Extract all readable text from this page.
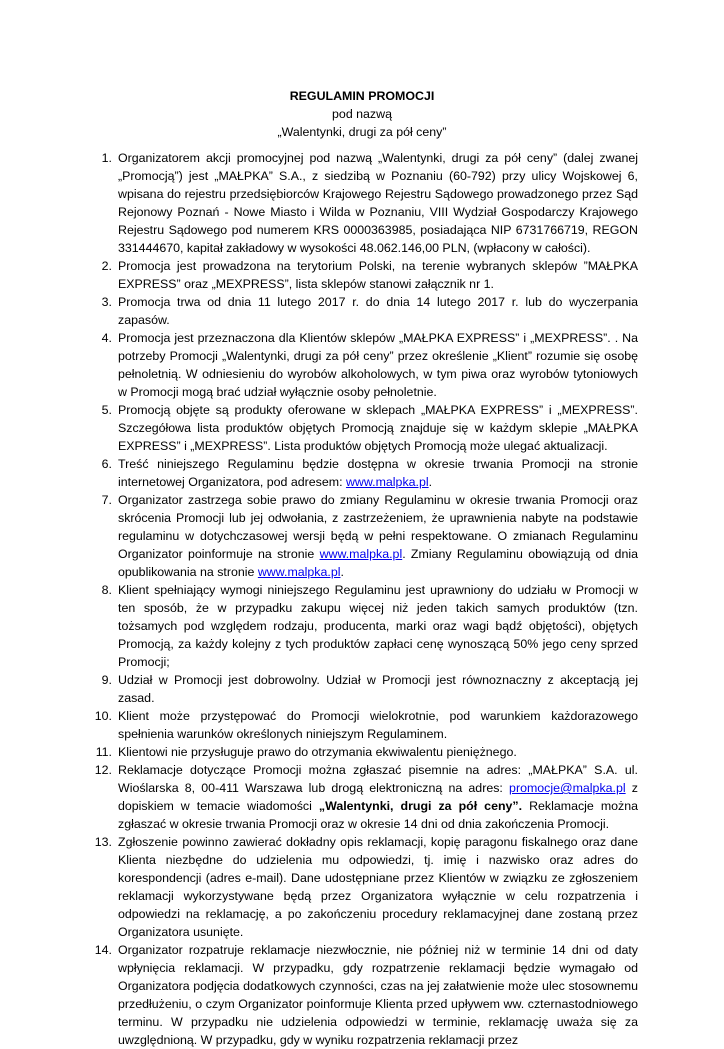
REGULAMIN PROMOCJI
pod nazwą
„Walentynki, drugi za pół ceny”
1. Organizatorem akcji promocyjnej pod nazwą „Walentynki, drugi za pół ceny” (dalej zwanej „Promocją”) jest „MAŁPKA” S.A., z siedzibą w Poznaniu (60-792) przy ulicy Wojskowej 6, wpisana do rejestru przedsiębiorców Krajowego Rejestru Sądowego prowadzonego przez Sąd Rejonowy Poznań - Nowe Miasto i Wilda w Poznaniu, VIII Wydział Gospodarczy Krajowego Rejestru Sądowego pod numerem KRS 0000363985, posiadająca NIP 6731766719, REGON 331444670, kapitał zakładowy w wysokości 48.062.146,00 PLN, (wpłacony w całości).
2. Promocja jest prowadzona na terytorium Polski, na terenie wybranych sklepów ”MAŁPKA EXPRESS” oraz „MEXPRESS”, lista sklepów stanowi załącznik nr 1.
3. Promocja trwa od dnia 11 lutego 2017 r. do dnia 14 lutego 2017 r. lub do wyczerpania zapasów.
4. Promocja jest przeznaczona dla Klientów sklepów „MAŁPKA EXPRESS” i „MEXPRESS”. . Na potrzeby Promocji „Walentynki, drugi za pół ceny” przez określenie „Klient” rozumie się osobę pełnoletnią. W odniesieniu do wyrobów alkoholowych, w tym piwa oraz wyrobów tytoniowych w Promocji mogą brać udział wyłącznie osoby pełnoletnie.
5. Promocją objęte są produkty oferowane w sklepach „MAŁPKA EXPRESS” i „MEXPRESS”. Szczegółowa lista produktów objętych Promocją znajduje się w każdym sklepie „MAŁPKA EXPRESS” i „MEXPRESS”. Lista produktów objętych Promocją może ulegać aktualizacji.
6. Treść niniejszego Regulaminu będzie dostępna w okresie trwania Promocji na stronie internetowej Organizatora, pod adresem: www.malpka.pl.
7. Organizator zastrzega sobie prawo do zmiany Regulaminu w okresie trwania Promocji oraz skrócenia Promocji lub jej odwołania, z zastrzeżeniem, że uprawnienia nabyte na podstawie regulaminu w dotychczasowej wersji będą w pełni respektowane. O zmianach Regulaminu Organizator poinformuje na stronie www.malpka.pl. Zmiany Regulaminu obowiązują od dnia opublikowania na stronie www.malpka.pl.
8. Klient spełniający wymogi niniejszego Regulaminu jest uprawniony do udziału w Promocji w ten sposób, że w przypadku zakupu więcej niż jeden takich samych produktów (tzn. tożsamych pod względem rodzaju, producenta, marki oraz wagi bądź objętości), objętych Promocją, za każdy kolejny z tych produktów zapłaci cenę wynoszącą 50% jego ceny sprzed Promocji;
9. Udział w Promocji jest dobrowolny. Udział w Promocji jest równoznaczny z akceptacją jej zasad.
10. Klient może przystępować do Promocji wielokrotnie, pod warunkiem każdorazowego spełnienia warunków określonych niniejszym Regulaminem.
11. Klientowi nie przysługuje prawo do otrzymania ekwiwalentu pieniężnego.
12. Reklamacje dotyczące Promocji można zgłaszać pisemnie na adres: „MAŁPKA” S.A. ul. Wioślarska 8, 00-411 Warszawa lub drogą elektroniczną na adres: promocje@malpka.pl z dopiskiem w temacie wiadomości „Walentynki, drugi za pół ceny”. Reklamacje można zgłaszać w okresie trwania Promocji oraz w okresie 14 dni od dnia zakończenia Promocji.
13. Zgłoszenie powinno zawierać dokładny opis reklamacji, kopię paragonu fiskalnego oraz dane Klienta niezbędne do udzielenia mu odpowiedzi, tj. imię i nazwisko oraz adres do korespondencji (adres e-mail). Dane udostępniane przez Klientów w związku ze zgłoszeniem reklamacji wykorzystywane będą przez Organizatora wyłącznie w celu rozpatrzenia i odpowiedzi na reklamację, a po zakończeniu procedury reklamacyjnej dane zostaną przez Organizatora usunięte.
14. Organizator rozpatruje reklamacje niezwłocznie, nie później niż w terminie 14 dni od daty wpłynięcia reklamacji. W przypadku, gdy rozpatrzenie reklamacji będzie wymagało od Organizatora podjęcia dodatkowych czynności, czas na jej załatwienie może ulec stosownemu przedłużeniu, o czym Organizator poinformuje Klienta przed upływem ww. czternastodniowego terminu. W przypadku nie udzielenia odpowiedzi w terminie, reklamację uważa się za uwzględnioną. W przypadku, gdy w wyniku rozpatrzenia reklamacji przez
